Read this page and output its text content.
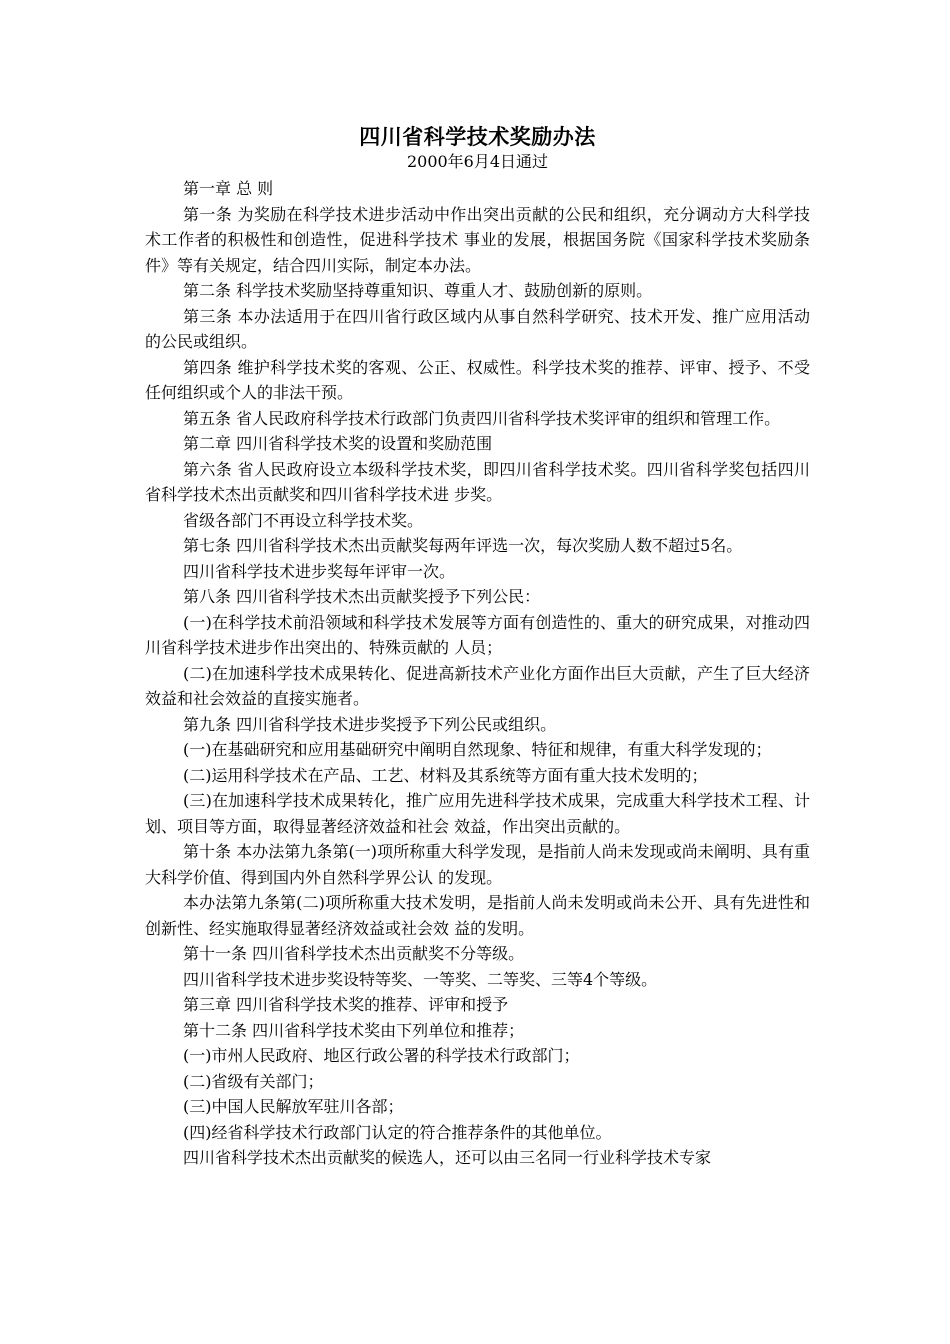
四川省科学技术奖励办法

2000年6月4日通过

第一章 总 则

第一条 为奖励在科学技术进步活动中作出突出贡献的公民和组织，充分调动方大科学技术工作者的积极性和创造性，促进科学技术 事业的发展，根据国务院《国家科学技术奖励条件》等有关规定，结合四川实际，制定本办法。

第二条 科学技术奖励坚持尊重知识、尊重人才、鼓励创新的原则。

第三条 本办法适用于在四川省行政区域内从事自然科学研究、技术开发、推广应用活动的公民或组织。

第四条 维护科学技术奖的客观、公正、权威性。科学技术奖的推荐、评审、授予、不受任何组织或个人的非法干预。

第五条 省人民政府科学技术行政部门负责四川省科学技术奖评审的组织和管理工作。

第二章 四川省科学技术奖的设置和奖励范围

第六条 省人民政府设立本级科学技术奖，即四川省科学技术奖。四川省科学奖包括四川省科学技术杰出贡献奖和四川省科学技术进 步奖。

省级各部门不再设立科学技术奖。

第七条 四川省科学技术杰出贡献奖每两年评选一次，每次奖励人数不超过5名。

四川省科学技术进步奖每年评审一次。

第八条 四川省科学技术杰出贡献奖授予下列公民：

(一)在科学技术前沿领域和科学技术发展等方面有创造性的、重大的研究成果，对推动四川省科学技术进步作出突出的、特殊贡献的 人员；

(二)在加速科学技术成果转化、促进高新技术产业化方面作出巨大贡献，产生了巨大经济效益和社会效益的直接实施者。

第九条 四川省科学技术进步奖授予下列公民或组织。

(一)在基础研究和应用基础研究中阐明自然现象、特征和规律，有重大科学发现的；

(二)运用科学技术在产品、工艺、材料及其系统等方面有重大技术发明的；

(三)在加速科学技术成果转化，推广应用先进科学技术成果，完成重大科学技术工程、计划、项目等方面，取得显著经济效益和社会 效益，作出突出贡献的。

第十条 本办法第九条第(一)项所称重大科学发现，是指前人尚未发现或尚未阐明、具有重大科学价值、得到国内外自然科学界公认 的发现。

本办法第九条第(二)项所称重大技术发明，是指前人尚未发明或尚未公开、具有先进性和创新性、经实施取得显著经济效益或社会效 益的发明。

第十一条 四川省科学技术杰出贡献奖不分等级。

四川省科学技术进步奖设特等奖、一等奖、二等奖、三等4个等级。

第三章 四川省科学技术奖的推荐、评审和授予

第十二条 四川省科学技术奖由下列单位和推荐；

(一)市州人民政府、地区行政公署的科学技术行政部门；

(二)省级有关部门；

(三)中国人民解放军驻川各部；

(四)经省科学技术行政部门认定的符合推荐条件的其他单位。

四川省科学技术杰出贡献奖的候选人，还可以由三名同一行业科学技术专家
